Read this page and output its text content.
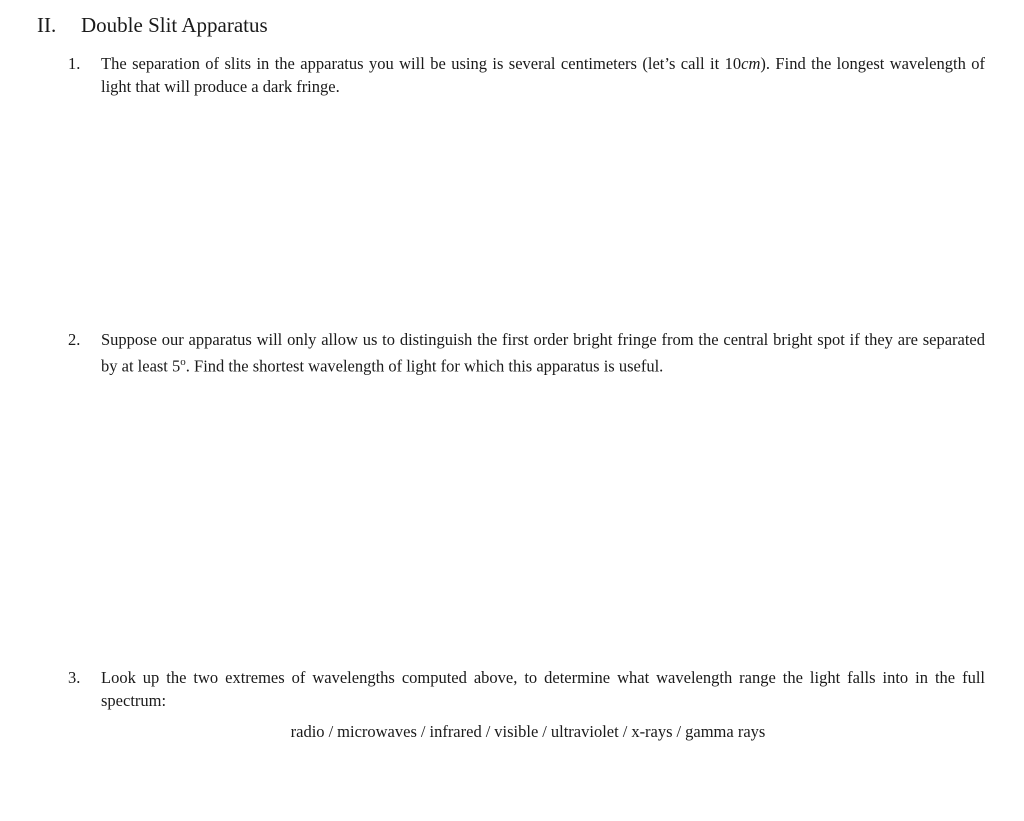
II. Double Slit Apparatus
1. The separation of slits in the apparatus you will be using is several centimeters (let’s call it 10cm). Find the longest wavelength of light that will produce a dark fringe.
2. Suppose our apparatus will only allow us to distinguish the first order bright fringe from the central bright spot if they are separated by at least 5$^o$. Find the shortest wavelength of light for which this apparatus is useful.
3. Look up the two extremes of wavelengths computed above, to determine what wavelength range the light falls into in the full spectrum:
radio / microwaves / infrared / visible / ultraviolet / x-rays / gamma rays
